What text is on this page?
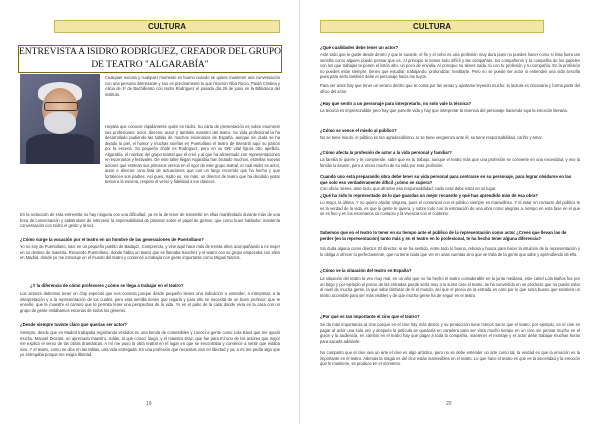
CULTURA
ENTREVISTA A ISIDRO RODRÍGUEZ, CREADOR DEL GRUPO DE TEATRO "ALGARABÍA"
Cualquier excusa y cualquier momento es bueno cuando se quiere mantener una conversación con una persona interesante y eso es precisamente lo que hicieron Alba Rocío, Paula Cristina y Alicia de 1º de Bachillerato con Isidro Rodríguez el pasado día 26 de junio en la Biblioteca del instituto.
Hoyalia que conocer rápidamente quién es Isidro. Su carta de presentación es sobre enumerar sus profesiones: actor, director, autor y también maestro del teatro. Su vida profesional la ha desarrollado pudiendo las tablas de muchos escenarios de España, aunque sin duda se ha dejado la piel, el humor y muchas sueñas en Puertollano el teatro de Interartir aquí su pasión por la escena. Su pequeño chalé es Rodríguez, pero en su DNI vital figura otro apellido, Algarabía, el nombre del grupo teatral que él creó y al que ha alimentado con representaciones en escenarios y festivales. De este taller llegan Algarabía han brotado muchos, estrellas nuevas actores que estiman sus primeros versos en el rigor de este grupo teatral, el cual Isidro es actor, autor e director. Una lista de actuaciones que con un largo recorrido que ha hecho y que fortalecen sus padres. Así pues, Isidro es, sin más, un director de teatro que ha decidido justar textos a la escena, respeto el verso y fidelidad a los clásicos.
En la redacción de esta entrevista no hay ninguna con una dificultad, ya es la de tener de transmitir en ellas manifestado durante más de una hora de conversación y sabiéndose de intervenir la impensabilidad de plasmar sobre el papel de gestos, que como buen hablador, mantenía conversación con Isidro el gesto y la voz.
¿Cómo surge la vocación por el teatro en un hombre de las generaciones de Puertollano?
Yo no soy de Puertollano, nací en un pequeño pueblo de Badajoz. Comprendo, y vine aquí hace más de treinta años acompañando a mi mujer en su destino de maestra. Recuerdo Puertollano, donde había un teatro que se llamaba Sanchez y el teatro con su grupo empezaba con ellos en Madrid, donde yo me introduje en el mundo del teatro y comencé a trabajar con gente importante como Miguel Narros.
¿Y la diferencia de cómo profesores ¿cómo se llega a trabajar en el teatro?
Los actores debemos tener un chip especial que nos conecta porque desde pequeño tienes una indicación a entender, a interpretar, a la interpretación y a la representación de los cuales, pero esta semilla tienes que regarla y para ello se necesita de un buen profesor, que te enseñe, que te muestre el camino que te permita tener una perspectiva de la vida. Yo en el patio de la casa donde vivía en la casa con un grupo de gente imitábamos escenas de todos los géneros.
¿Desde siempre tuviste claro que querías ser actor?
Siempre, desde que en Madrid trabajaba registrando vestidos en una tienda de comestibles y conocí a gente como Lola Baos que me ayudó mucho, Manuel Dicenta, un apreciado maestro, Julián, al que conocí luego, y el maestro Díaz, que fue para mí uno de los actores que mejor me explicó el verso de las obras dramáticas. A mí me puso la obra teatral en el lugar en que se encontraba y comencé a sentir que estaba vivo. Y el teatro, como se dice en las tablas, una vida entregada. En una profesión que necesitas vivir en libertad y ya, a mí me pedía algo que yo entregaba porque me exigía libertad.
19
CULTURA
¿Qué cualidades debe tener un actor?
Ante todo que le guste desde dentro y que le sucede, el fin y el cebo es una profesión muy dura pues no puedes hacer como si ésta fuera tan sencilla como alguien puede pensar que es. Al principio lo tienes todo difícil y las compañías, los compañeros y la compañía de los papeles con los que trabajas te ponen el listón alto, un poco de envidia. Al principio no tienes nada, tú con tu profesión y tu compañía. En la profesión no puedes estar siempre, tienes que estudiar, trabajando, profundizar, meditarte. Pero no se puede ser actor si entiendes una vida sencilla pues para serlo también debe el personaje hacia los tuyos.
Para ser actor hay que tener un verano dentro que te coma por las venas y ajustarse leyendo mucho: la lectura es necesaria y forma parte del oficio del actor.
¿Hay que sentir a un personaje para interpretarlo, no solo vale la técnica?
La técnica es imprescindible pero hay que ponerle vida y hay que interpretar la vivencia del personaje haciendo tuya la emoción literaria.
¿Cómo se vence el miedo al público?
No se tiene miedo, el público es tan agradecidísimo, ni se tiene vergüenza ante él, se tiene responsabilidad, cariño y amor.
¿Cómo afecta la profesión de actor a la vida personal y familiar?
La familia te quiere y te comprende, sabe que es tu trabajo, aunque el teatro más que una profesión se convierte en una necesidad, y eso la familia lo asume, pero a veces mucho de su vida por esta profesión.
Cuando uno está preparando obra debe tener su vida personal para centrarse en su personaje, para lograr olvidarse en las que solo eso verdaderamente difícil ¿cómo se supera?
Con oficio, tienes, ante todo, que afrontar esa responsabilidad; cada cosa debe estar en su lugar.
¿Qué ha sido lo representado de lo que guardas un mejor recuerdo y qué has aprendido más de esa obra?
Lo mejor, la última. Y no quiero olvidar ninguna, pues el comunicar con el público siempre es maravilloso. Y el estar en contacto del público te es la verdad de la vida, es que la gente te quiera, y sobre todo con la estimación de una obra como alegrías a, tiempo en esta fase en el que se es fino y en los escenarios su contacto y la vivencia con el contexto.
Sabemos que en el teatro lo tener en su tiempo ante el público de la representación como actor ¿Crees que llevan las de perder (en la representación) tanto más y en el teatro en lo profesional, te ha hecho tener alguna diferencia?
Sin duda alguna como director. El director, si se ha sentido, entre todo lo bueno, rebosa y busca para hacer la intuición de la representación y lo obliga a ofrecer lo perfectamente, que no tiene nada que ver en unas cuentas sino que se trata de la gente que sabe y aprendiendo de ella.
¿Cómo ve la situación del teatro en España?
La situación del teatro la veo muy mal, en un año que no ha hecho el teatro considerable en la junta mediana, este cartel Lola Baños fue por un largo y por ejemplo el precio de las entradas puede sería muy a lo sumo caro el teatro, se ha convertido en un producto que no puede estar al nivel de mucha gente, la que sabe disfrutar de él el mundo, así que el precio de la entrada es caro por lo que sería bueno que existiera un teatro accesible para ser más visibles y de que mucha gente ha de seguir en el teatro.
¿Por qué es tan importante el cine que el teatro?
Se da más importancia al cine porque en el cine hay más dinero y su producción tiene menos sacar que el teatro, por ejemplo, en el cine es pagar al actor una sola vez y después la película se quedaría en cartelera para ser vista mucho tiempo en un cine sin pensar mucho en el guion y la audiencia, en cambio en el teatro hay que pagar a toda la compañía, mantener el montaje y el actor debe trabajar muchas horas para sacarla adelante.
No comparto que el cine sea un arte el cine es algo artístico, pero no se debe entender un arte como tal, la verdad es que la emoción es la importante en el teatro. Además la magia es del cine están inamovibles en el teatro. Lo que hace el teatro es que es la sinceridad y la emoción que le mantiene, se produce en el momento.
20
